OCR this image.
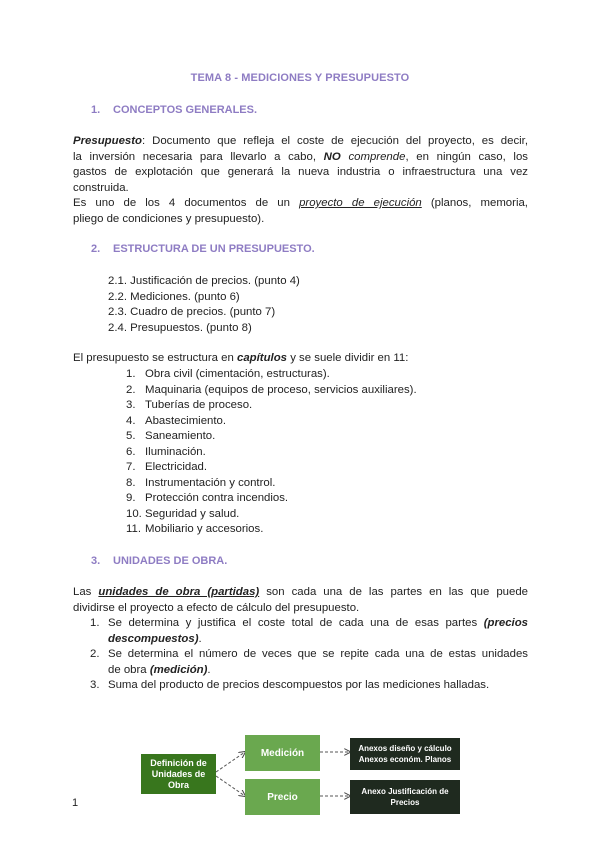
TEMA 8 - MEDICIONES Y PRESUPUESTO
1. CONCEPTOS GENERALES.
Presupuesto: Documento que refleja el coste de ejecución del proyecto, es decir,
la inversión necesaria para llevarlo a cabo, NO comprende, en ningún caso, los
gastos de explotación que generará la nueva industria o infraestructura una vez
construida.
Es uno de los 4 documentos de un proyecto de ejecución (planos, memoria,
pliego de condiciones y presupuesto).
2. ESTRUCTURA DE UN PRESUPUESTO.
2.1. Justificación de precios. (punto 4)
2.2. Mediciones. (punto 6)
2.3. Cuadro de precios. (punto 7)
2.4. Presupuestos. (punto 8)
El presupuesto se estructura en capítulos y se suele dividir en 11:
1. Obra civil (cimentación, estructuras).
2. Maquinaria (equipos de proceso, servicios auxiliares).
3. Tuberías de proceso.
4. Abastecimiento.
5. Saneamiento.
6. Iluminación.
7. Electricidad.
8. Instrumentación y control.
9. Protección contra incendios.
10. Seguridad y salud.
11. Mobiliario y accesorios.
3. UNIDADES DE OBRA.
Las unidades de obra (partidas) son cada una de las partes en las que puede
dividirse el proyecto a efecto de cálculo del presupuesto.
1. Se determina y justifica el coste total de cada una de esas partes (precios
descompuestos).
2. Se determina el número de veces que se repite cada una de estas unidades
de obra (medición).
3. Suma del producto de precios descompuestos por las mediciones halladas.
Definición de
Unidades de
Obra
Medición
Precio
Anexos diseño y cálculo
Anexos económ. Planos
Anexo Justificación de
Precios
1
